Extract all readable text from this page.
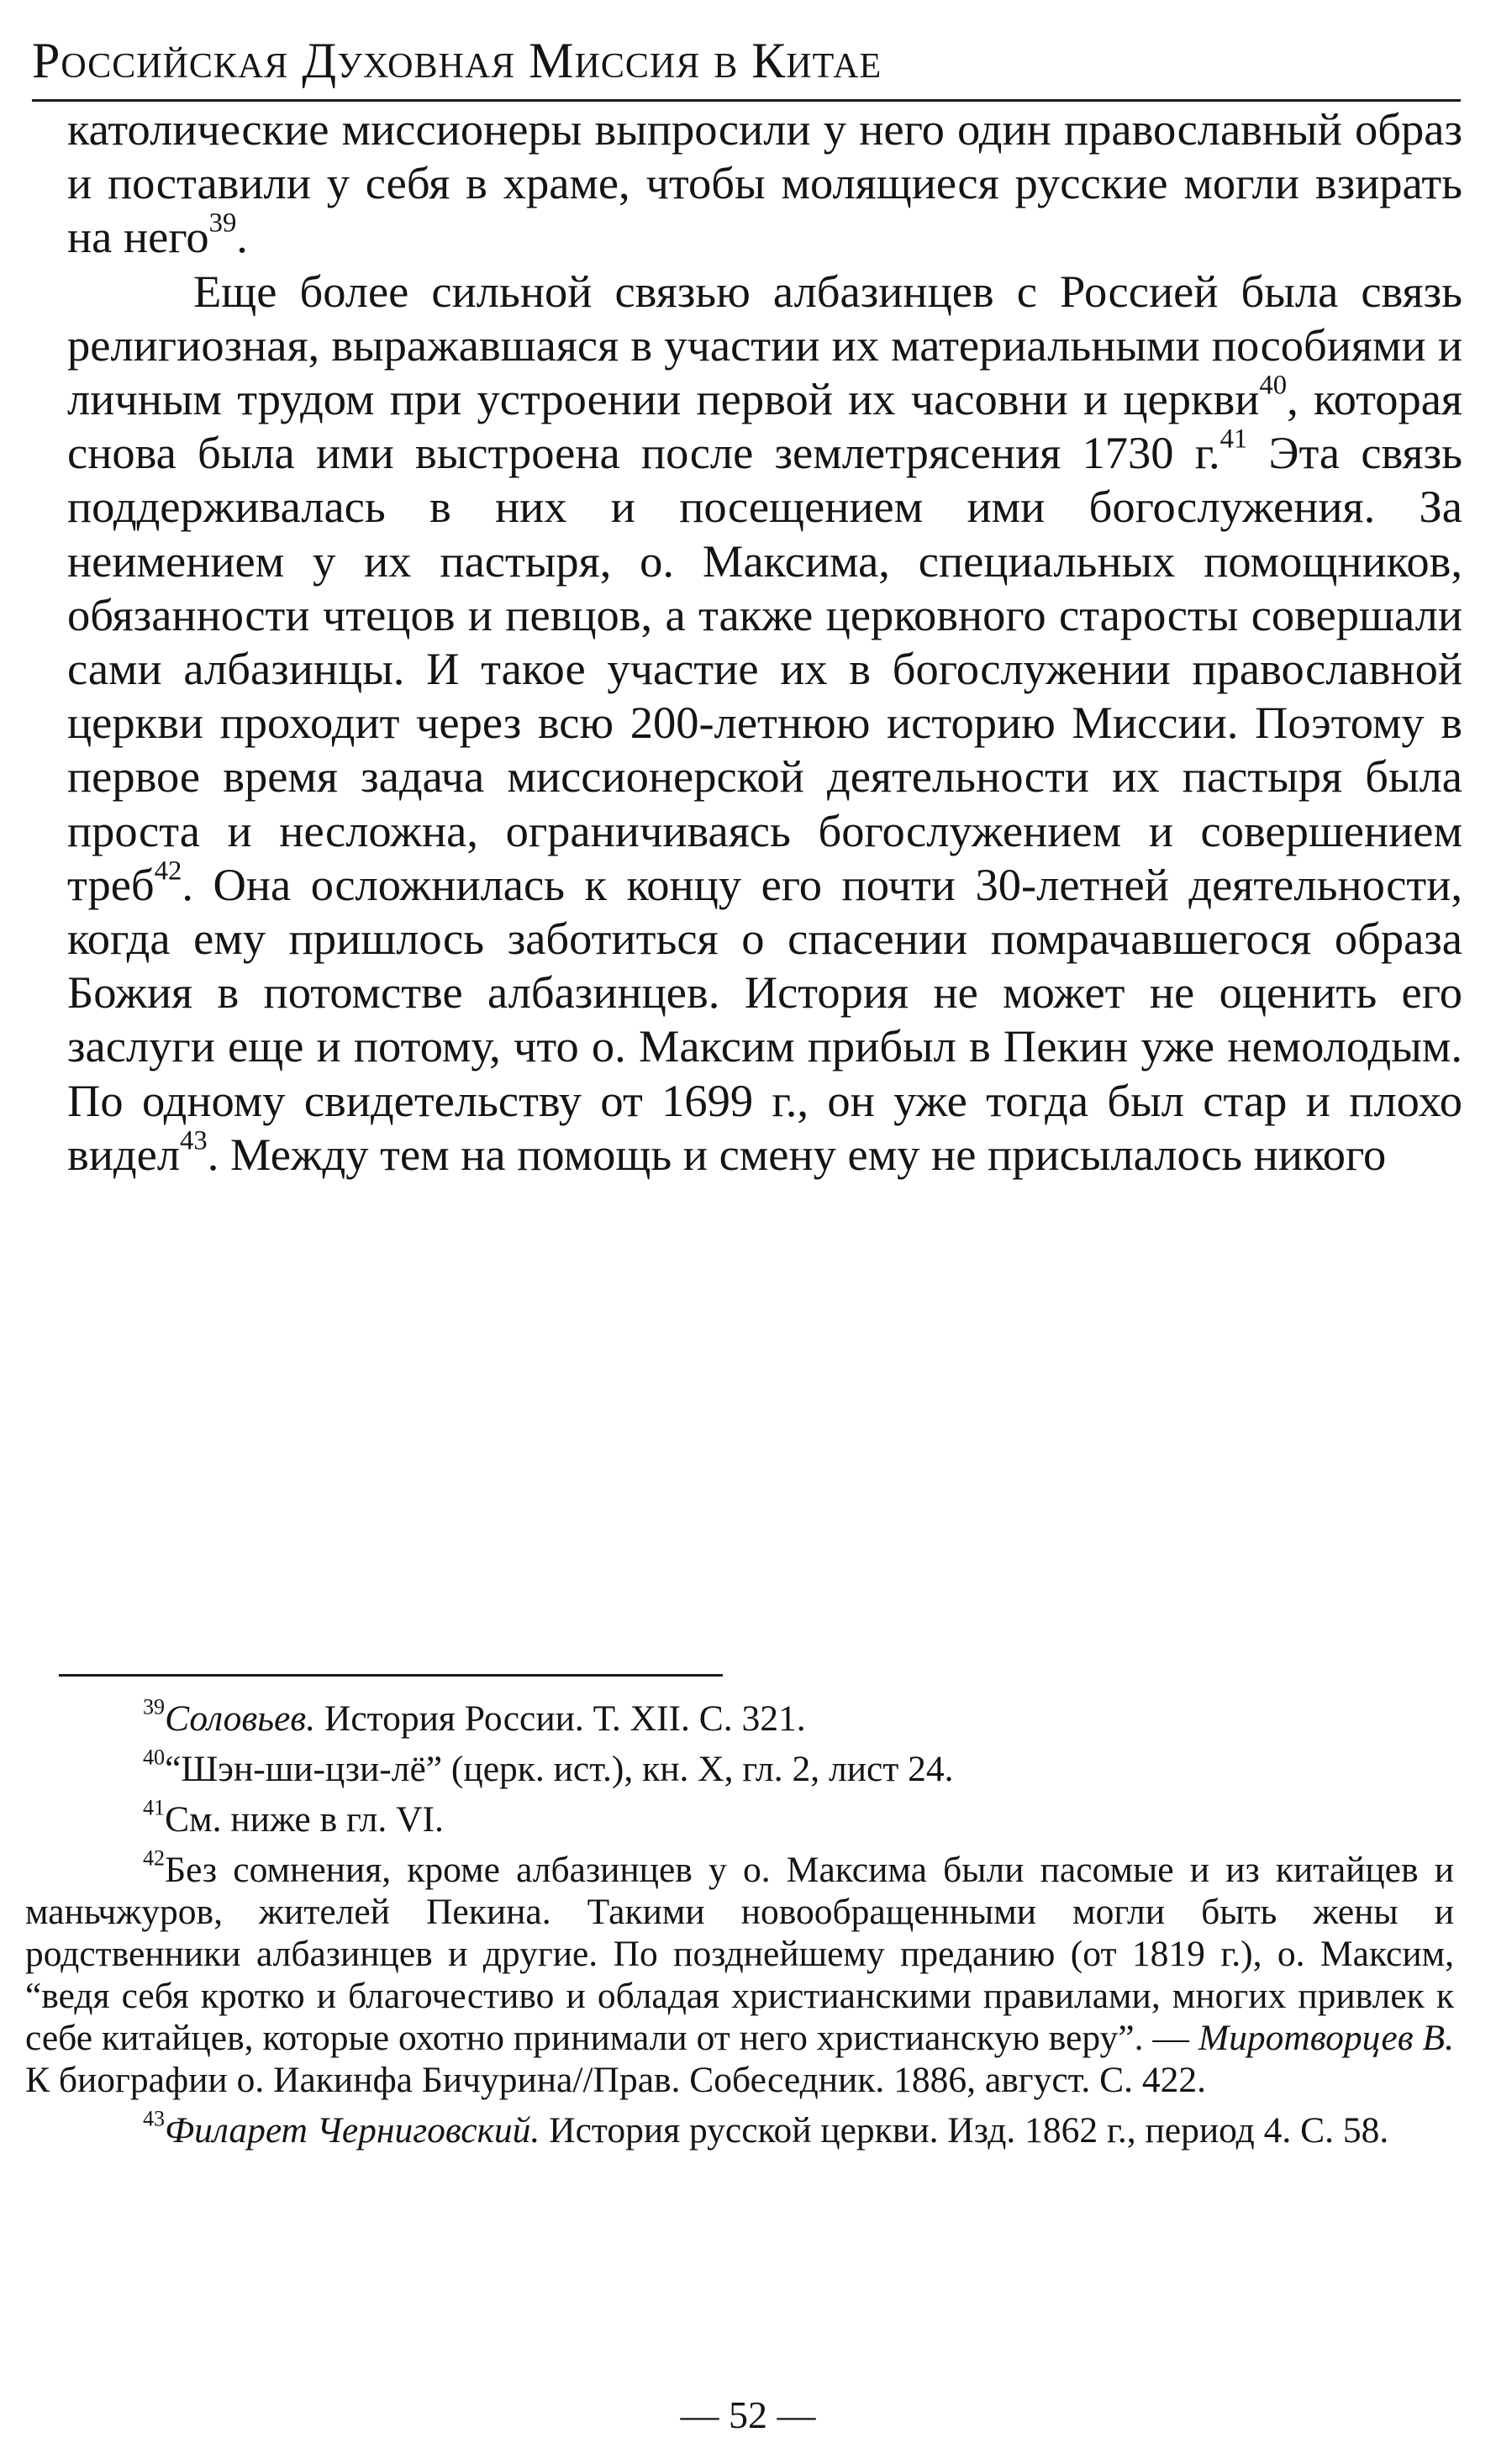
Российская Духовная Миссия в Китае

католические миссионеры выпросили у него один православный образ и поставили у себя в храме, чтобы молящиеся русские могли взирать на него$^{39}$.

Еще более сильной связью албазинцев с Россией была связь религиозная, выражавшаяся в участии их материальными пособиями и личным трудом при устроении первой их часовни и церкви$^{40}$, которая снова была ими выстроена после землетрясения 1730 г.$^{41}$ Эта связь поддерживалась в них и посещением ими богослужения. За неимением у их пастыря, о. Максима, специальных помощников, обязанности чтецов и певцов, а также церковного старосты совершали сами албазинцы. И такое участие их в богослужении православной церкви проходит через всю 200-летнюю историю Миссии. Поэтому в первое время задача миссионерской деятельности их пастыря была проста и несложна, ограничиваясь богослужением и совершением треб$^{42}$. Она осложнилась к концу его почти 30-летней деятельности, когда ему пришлось заботиться о спасении помрачавшегося образа Божия в потомстве албазинцев. История не может не оценить его заслуги еще и потому, что о. Максим прибыл в Пекин уже немолодым. По одному свидетельству от 1699 г., он уже тогда был стар и плохо видел$^{43}$. Между тем на помощь и смену ему не присылалось никого

$^{39}$Соловьев. История России. Т. XII. С. 321.

$^{40}$“Шэн-ши-цзи-лё” (церк. ист.), кн. X, гл. 2, лист 24.

$^{41}$См. ниже в гл. VI.

$^{42}$Без сомнения, кроме албазинцев у о. Максима были пасомые и из китайцев и маньчжуров, жителей Пекина. Такими новообращенными могли быть жены и родственники албазинцев и другие. По позднейшему преданию (от 1819 г.), о. Максим, “ведя себя кротко и благочестиво и обладая христианскими правилами, многих привлек к себе китайцев, которые охотно принимали от него христианскую веру”. — Миротворцев В. К биографии о. Иакинфа Бичурина//Прав. Собеседник. 1886, август. С. 422.

$^{43}$Филарет Черниговский. История русской церкви. Изд. 1862 г., период 4. С. 58.

— 52 —
